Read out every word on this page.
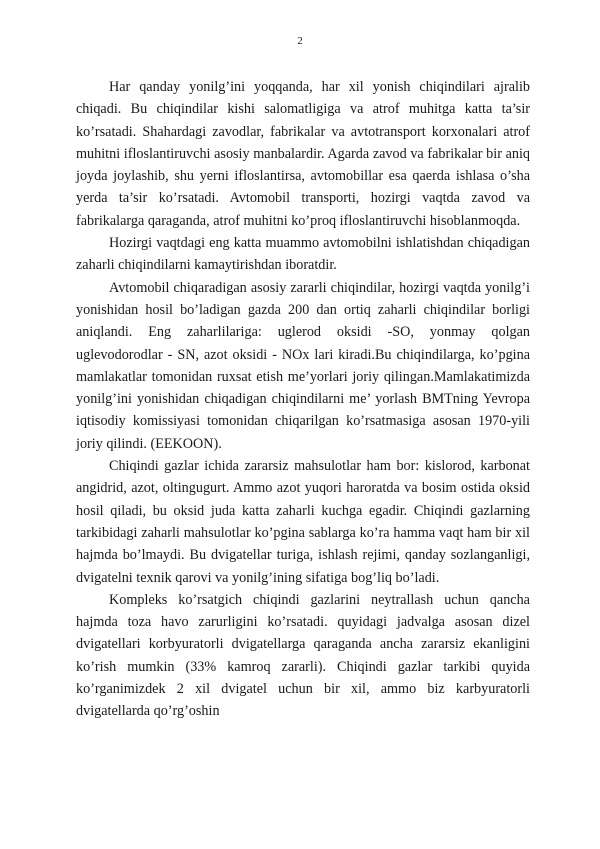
2

Har qanday yonilg’ini yoqqanda, har xil yonish chiqindilari ajralib chiqadi. Bu chiqindilar kishi salomatligiga va atrof muhitga katta ta’sir ko’rsatadi. Shahardagi zavodlar, fabrikalar va avtotransport korxonalari atrof muhitni ifloslantiruvchi asosiy manbalardir. Agarda zavod va fabrikalar bir aniq joyda joylashib, shu yerni ifloslantirsa, avtomobillar esa qaerda ishlasa o’sha yerda ta’sir ko’rsatadi. Avtomobil transporti, hozirgi vaqtda zavod va fabrikalarga qaraganda, atrof muhitni ko’proq ifloslantiruvchi hisoblanmoqda.

Hozirgi vaqtdagi eng katta muammo avtomobilni ishlatishdan chiqadigan zaharli chiqindilarni kamaytirishdan iboratdir.

Avtomobil chiqaradigan asosiy zararli chiqindilar, hozirgi vaqtda yonilg’i yonishidan hosil bo’ladigan gazda 200 dan ortiq zaharli chiqindilar borligi aniqlandi. Eng zaharlilariga: uglerod oksidi -SO, yonmay qolgan uglevodorodlar - SN, azot oksidi - NOx lari kiradi.Bu chiqindilarga, ko’pgina mamlakatlar tomonidan ruxsat etish me’yorlari joriy qilingan.Mamlakatimizda yonilg’ini yonishidan chiqadigan chiqindilarni me’ yorlash BMTning Yevropa iqtisodiy komissiyasi tomonidan chiqarilgan ko’rsatmasiga asosan 1970-yili joriy qilindi. (EEKOON).

Chiqindi gazlar ichida zararsiz mahsulotlar ham bor: kislorod, karbonat angidrid, azot, oltingugurt. Ammo azot yuqori haroratda va bosim ostida oksid hosil qiladi, bu oksid juda katta zaharli kuchga egadir. Chiqindi gazlarning tarkibidagi zaharli mahsulotlar ko’pgina sablarga ko’ra hamma vaqt ham bir xil hajmda bo’lmaydi. Bu dvigatellar turiga, ishlash rejimi, qanday sozlanganligi, dvigatelni texnik qarovi va yonilg’ining sifatiga bog’liq bo’ladi.

Kompleks ko’rsatgich chiqindi gazlarini neytrallash uchun qancha hajmda toza havo zarurligini ko’rsatadi. quyidagi jadvalga asosan dizel dvigatellari korbyuratorli dvigatellarga qaraganda ancha zararsiz ekanligini ko’rish mumkin (33% kamroq zararli). Chiqindi gazlar tarkibi quyida ko’rganimizdek 2 xil dvigatel uchun bir xil, ammo biz karbyuratorli dvigatellarda qo’rg’oshin
